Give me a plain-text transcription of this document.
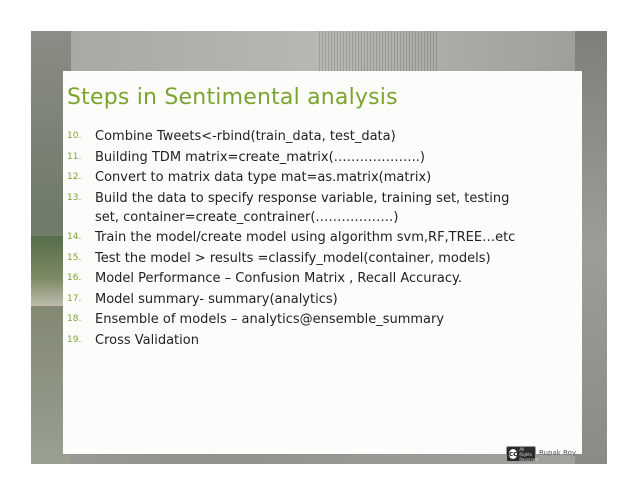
Steps in Sentimental analysis
10.	Combine Tweets<-rbind(train_data, test_data)
11.	Building TDM matrix=create_matrix(………………..)
12.	Convert to matrix data type mat=as.matrix(matrix)
13.	Build the data to specify response variable, training set, testing set, container=create_contrainer(………………)
14.	Train the model/create model using algorithm svm,RF,TREE…etc
15.	Test the model > results =classify_model(container, models)
16.	Model Performance – Confusion Matrix , Recall Accuracy.
17.	Model summary- summary(analytics)
18.	Ensemble of models – analytics@ensemble_summary
19.	Cross Validation
cc
All Rights Reserved
Rupak Roy
